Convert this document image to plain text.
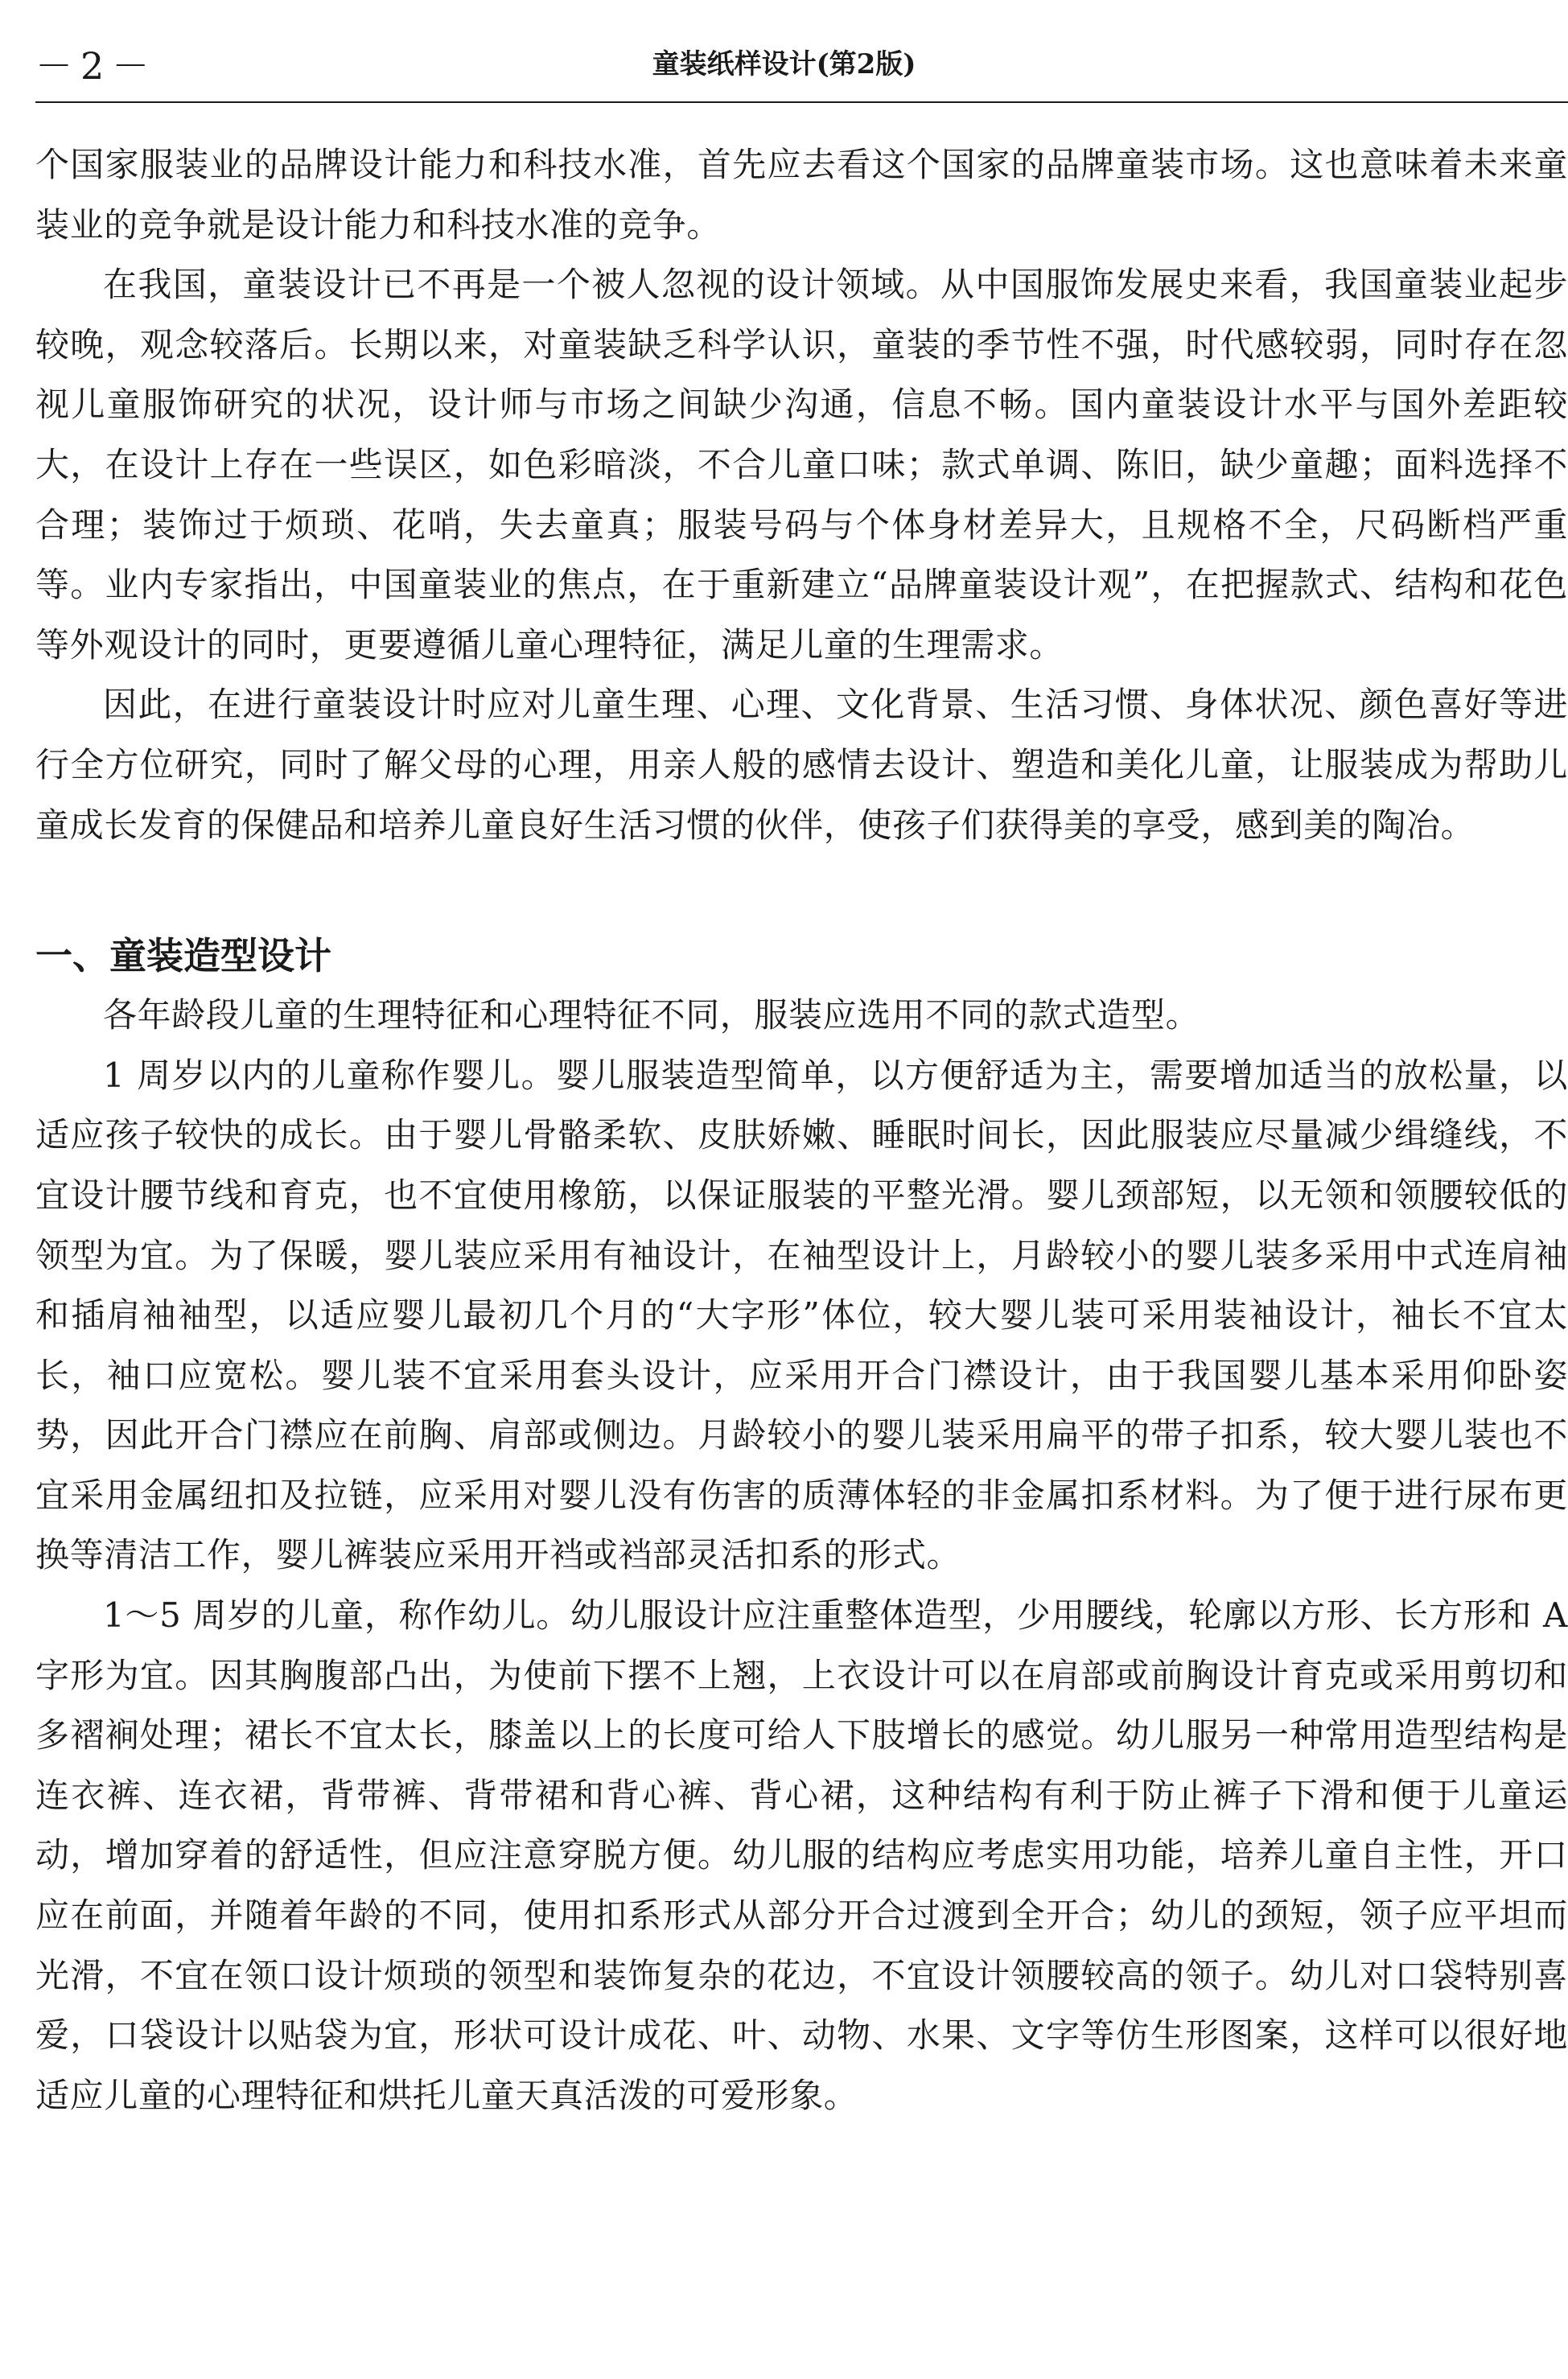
－2－	童装纸样设计(第2版)

个国家服装业的品牌设计能力和科技水准，首先应去看这个国家的品牌童装市场。这也意味着未来童装业的竞争就是设计能力和科技水准的竞争。

在我国，童装设计已不再是一个被人忽视的设计领域。从中国服饰发展史来看，我国童装业起步较晚，观念较落后。长期以来，对童装缺乏科学认识，童装的季节性不强，时代感较弱，同时存在忽视儿童服饰研究的状况，设计师与市场之间缺少沟通，信息不畅。国内童装设计水平与国外差距较大，在设计上存在一些误区，如色彩暗淡，不合儿童口味；款式单调、陈旧，缺少童趣；面料选择不合理；装饰过于烦琐、花哨，失去童真；服装号码与个体身材差异大，且规格不全，尺码断档严重等。业内专家指出，中国童装业的焦点，在于重新建立“品牌童装设计观”，在把握款式、结构和花色等外观设计的同时，更要遵循儿童心理特征，满足儿童的生理需求。

因此，在进行童装设计时应对儿童生理、心理、文化背景、生活习惯、身体状况、颜色喜好等进行全方位研究，同时了解父母的心理，用亲人般的感情去设计、塑造和美化儿童，让服装成为帮助儿童成长发育的保健品和培养儿童良好生活习惯的伙伴，使孩子们获得美的享受，感到美的陶冶。

一、童装造型设计

各年龄段儿童的生理特征和心理特征不同，服装应选用不同的款式造型。

1 周岁以内的儿童称作婴儿。婴儿服装造型简单，以方便舒适为主，需要增加适当的放松量，以适应孩子较快的成长。由于婴儿骨骼柔软、皮肤娇嫩、睡眠时间长，因此服装应尽量减少缉缝线，不宜设计腰节线和育克，也不宜使用橡筋，以保证服装的平整光滑。婴儿颈部短，以无领和领腰较低的领型为宜。为了保暖，婴儿装应采用有袖设计，在袖型设计上，月龄较小的婴儿装多采用中式连肩袖和插肩袖袖型，以适应婴儿最初几个月的“大字形”体位，较大婴儿装可采用装袖设计，袖长不宜太长，袖口应宽松。婴儿装不宜采用套头设计，应采用开合门襟设计，由于我国婴儿基本采用仰卧姿势，因此开合门襟应在前胸、肩部或侧边。月龄较小的婴儿装采用扁平的带子扣系，较大婴儿装也不宜采用金属纽扣及拉链，应采用对婴儿没有伤害的质薄体轻的非金属扣系材料。为了便于进行尿布更换等清洁工作，婴儿裤装应采用开裆或裆部灵活扣系的形式。

1～5 周岁的儿童，称作幼儿。幼儿服设计应注重整体造型，少用腰线，轮廓以方形、长方形和 A 字形为宜。因其胸腹部凸出，为使前下摆不上翘，上衣设计可以在肩部或前胸设计育克或采用剪切和多褶裥处理；裙长不宜太长，膝盖以上的长度可给人下肢增长的感觉。幼儿服另一种常用造型结构是连衣裤、连衣裙，背带裤、背带裙和背心裤、背心裙，这种结构有利于防止裤子下滑和便于儿童运动，增加穿着的舒适性，但应注意穿脱方便。幼儿服的结构应考虑实用功能，培养儿童自主性，开口应在前面，并随着年龄的不同，使用扣系形式从部分开合过渡到全开合；幼儿的颈短，领子应平坦而光滑，不宜在领口设计烦琐的领型和装饰复杂的花边，不宜设计领腰较高的领子。幼儿对口袋特别喜爱，口袋设计以贴袋为宜，形状可设计成花、叶、动物、水果、文字等仿生形图案，这样可以很好地适应儿童的心理特征和烘托儿童天真活泼的可爱形象。
